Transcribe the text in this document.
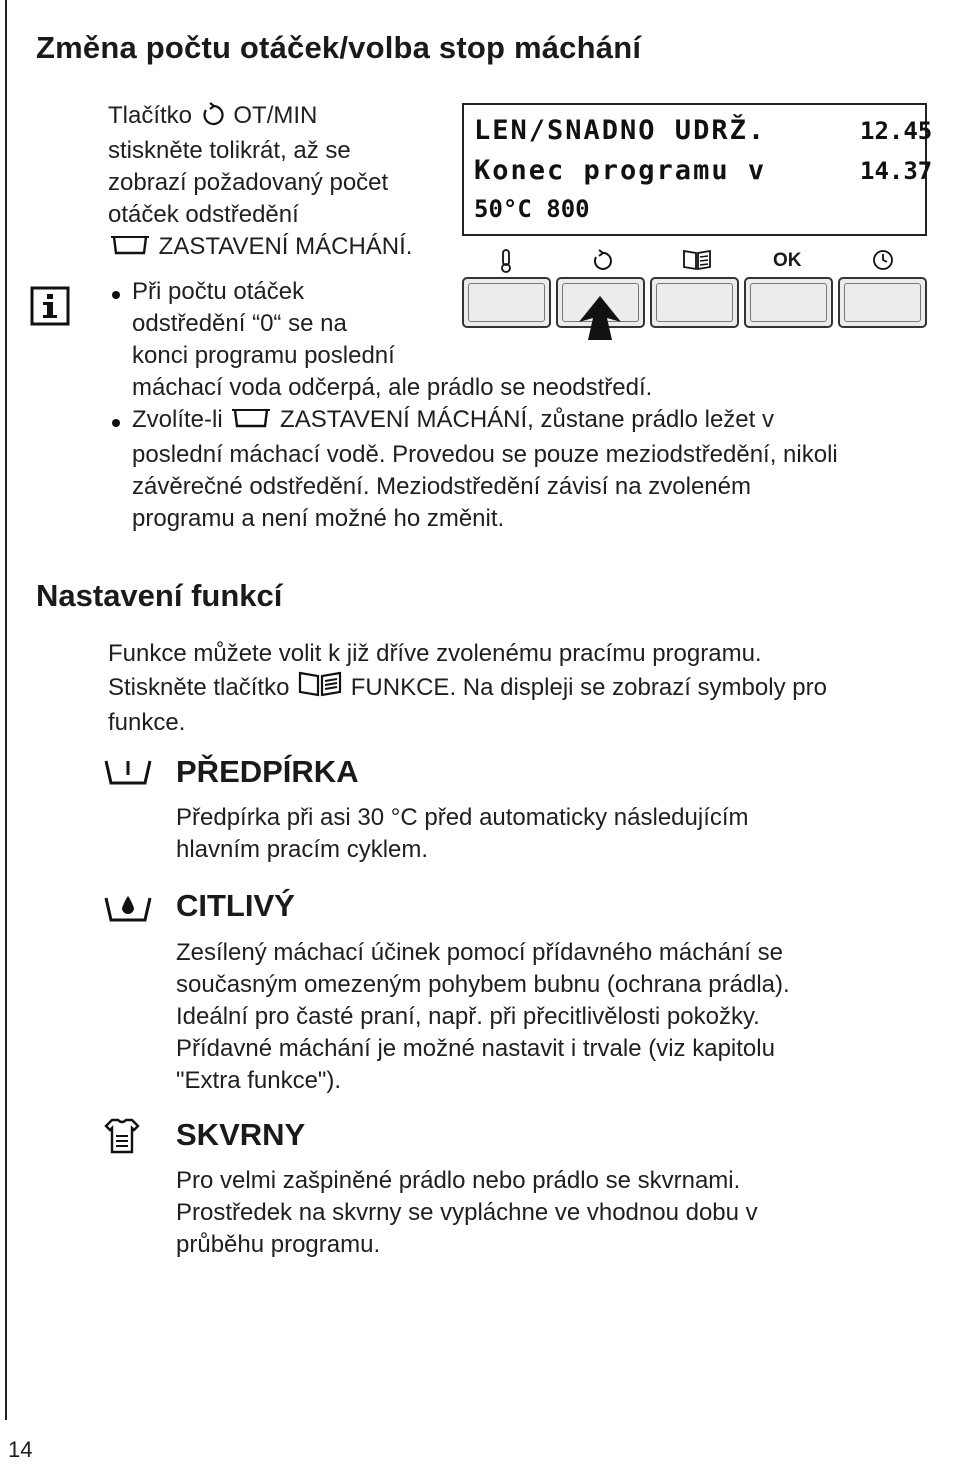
Změna počtu otáček/volba stop máchání
Tlačítko OT/MIN
stiskněte tolikrát, až se
zobrazí požadovaný počet
otáček odstředění
ZASTAVENÍ MÁCHÁNÍ.
Při počtu otáček
odstředění “0“ se na
konci programu poslední
máchací voda odčerpá, ale prádlo se neodstředí.
Zvolíte-li ZASTAVENÍ MÁCHÁNÍ, zůstane prádlo ležet v
poslední máchací vodě. Provedou se pouze meziodstředění, nikoli
závěrečné odstředění. Meziodstředění závisí na zvoleném
programu a není možné ho změnit.
LEN/SNADNO UDRŽ.	12.45
Konec programu v	14.37
50°C 800
OK
Nastavení funkcí
Funkce můžete volit k již dříve zvolenému pracímu programu.
Stiskněte tlačítko	FUNKCE. Na displeji se zobrazí symboly pro
funkce.
PŘEDPÍRKA
Předpírka při asi 30 °C před automaticky následujícím
hlavním pracím cyklem.
CITLIVÝ
Zesílený máchací účinek pomocí přídavného máchání se
současným omezeným pohybem bubnu (ochrana prádla).
Ideální pro časté praní, např. při přecitlivělosti pokožky.
Přídavné máchání je možné nastavit i trvale (viz kapitolu
"Extra funkce").
SKVRNY
Pro velmi zašpiněné prádlo nebo prádlo se skvrnami.
Prostředek na skvrny se vypláchne ve vhodnou dobu v
průběhu programu.
14
